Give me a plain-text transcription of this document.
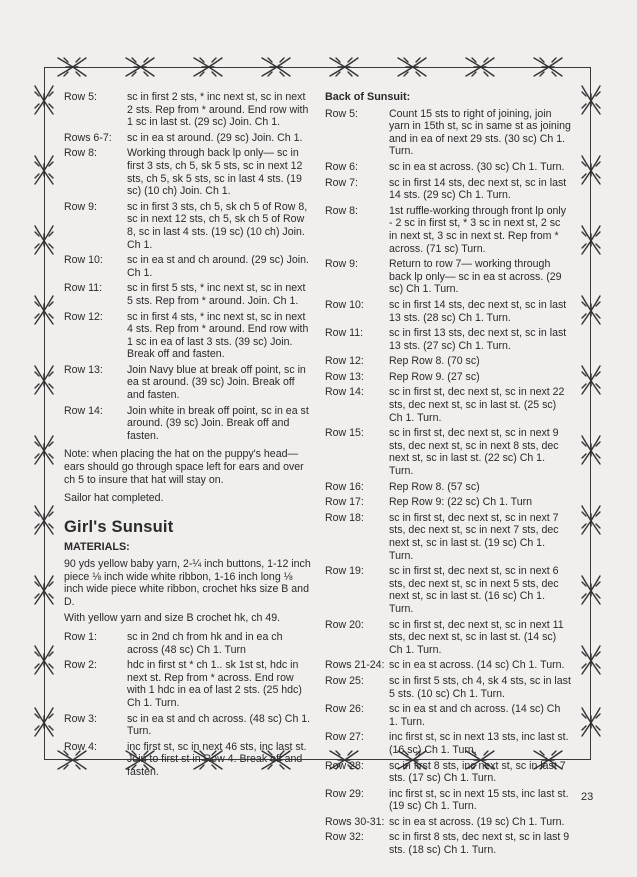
Row 5:	sc in first 2 sts, * inc next st, sc in next 2 sts. Rep from * around. End row with 1 sc in last st. (29 sc) Join. Ch 1.
Rows 6-7:	sc in ea st around. (29 sc) Join. Ch 1.
Row 8:	Working through back lp only— sc in first 3 sts, ch 5, sk 5 sts, sc in next 12 sts, ch 5, sk 5 sts, sc in last 4 sts. (19 sc) (10 ch) Join. Ch 1.
Row 9:	sc in first 3 sts, ch 5, sk ch 5 of Row 8, sc in next 12 sts, ch 5, sk ch 5 of Row 8, sc in last 4 sts. (19 sc) (10 ch) Join. Ch 1.
Row 10:	sc in ea st and ch around. (29 sc) Join. Ch 1.
Row 11:	sc in first 5 sts, * inc next st, sc in next 5 sts. Rep from * around. Join. Ch 1.
Row 12:	sc in first 4 sts, * inc next st, sc in next 4 sts. Rep from * around. End row with 1 sc in ea of last 3 sts. (39 sc) Join. Break off and fasten.
Row 13:	Join Navy blue at break off point, sc in ea st around. (39 sc) Join. Break off and fasten.
Row 14:	Join white in break off point, sc in ea st around. (39 sc) Join. Break off and fasten.
Note: when placing the hat on the puppy's head—ears should go through space left for ears and over ch 5 to insure that hat will stay on.
Sailor hat completed.
Girl's Sunsuit
MATERIALS:
90 yds yellow baby yarn, 2-¼ inch buttons, 1-12 inch piece ⅛ inch wide white ribbon, 1-16 inch long ⅛ inch wide piece white ribbon, crochet hks size B and D.
With yellow yarn and size B crochet hk, ch 49.
Row 1:	sc in 2nd ch from hk and in ea ch across (48 sc) Ch 1. Turn
Row 2:	hdc in first st * ch 1.. sk 1st st, hdc in next st. Rep from * across. End row with 1 hdc in ea of last 2 sts. (25 hdc) Ch 1. Turn.
Row 3:	sc in ea st and ch across. (48 sc) Ch 1. Turn.
Row 4:	inc first st, sc in next 46 sts, inc last st. Join to first st in Row 4. Break off and fasten.
Back of Sunsuit:
Row 5:	Count 15 sts to right of joining, join yarn in 15th st, sc in same st as joining and in ea of next 29 sts. (30 sc) Ch 1. Turn.
Row 6:	sc in ea st across. (30 sc) Ch 1. Turn.
Row 7:	sc in first 14 sts, dec next st, sc in last 14 sts. (29 sc) Ch 1. Turn.
Row 8:	1st ruffle-working through front lp only - 2 sc in first st, * 3 sc in next st, 2 sc in next st, 3 sc in next st. Rep from * across. (71 sc) Turn.
Row 9:	Return to row 7— working through back lp only— sc in ea st across. (29 sc) Ch 1. Turn.
Row 10:	sc in first 14 sts, dec next st, sc in last 13 sts. (28 sc) Ch 1. Turn.
Row 11:	sc in first 13 sts, dec next st, sc in last 13 sts. (27 sc) Ch 1. Turn.
Row 12:	Rep Row 8. (70 sc)
Row 13:	Rep Row 9. (27 sc)
Row 14:	sc in first st, dec next st, sc in next 22 sts, dec next st, sc in last st. (25 sc) Ch 1. Turn.
Row 15:	sc in first st, dec next st, sc in next 9 sts, dec next st, sc in next 8 sts, dec next st, sc in last st. (22 sc) Ch 1. Turn.
Row 16:	Rep Row 8. (57 sc)
Row 17:	Rep Row 9: (22 sc) Ch 1. Turn
Row 18:	sc in first st, dec next st, sc in next 7 sts, dec next st, sc in next 7 sts, dec next st, sc in last st. (19 sc) Ch 1. Turn.
Row 19:	sc in first st, dec next st, sc in next 6 sts, dec next st, sc in next 5 sts, dec next st, sc in last st. (16 sc) Ch 1. Turn.
Row 20:	sc in first st, dec next st, sc in next 11 sts, dec next st, sc in last st. (14 sc) Ch 1. Turn.
Rows 21-24: sc in ea st across. (14 sc) Ch 1. Turn.
Row 25:	sc in first 5 sts, ch 4, sk 4 sts, sc in last 5 sts. (10 sc) Ch 1. Turn.
Row 26:	sc in ea st and ch across. (14 sc) Ch 1. Turn.
Row 27:	inc first st, sc in next 13 sts, inc last st. (16 sc) Ch 1. Turn.
Row 28:	sc in first 8 sts, inc next st, sc in last 7 sts. (17 sc) Ch 1. Turn.
Row 29:	inc first st, sc in next 15 sts, inc last st. (19 sc) Ch 1. Turn.
Rows 30-31: sc in ea st across. (19 sc) Ch 1. Turn.
Row 32:	sc in first 8 sts, dec next st, sc in last 9 sts. (18 sc) Ch 1. Turn.
23
